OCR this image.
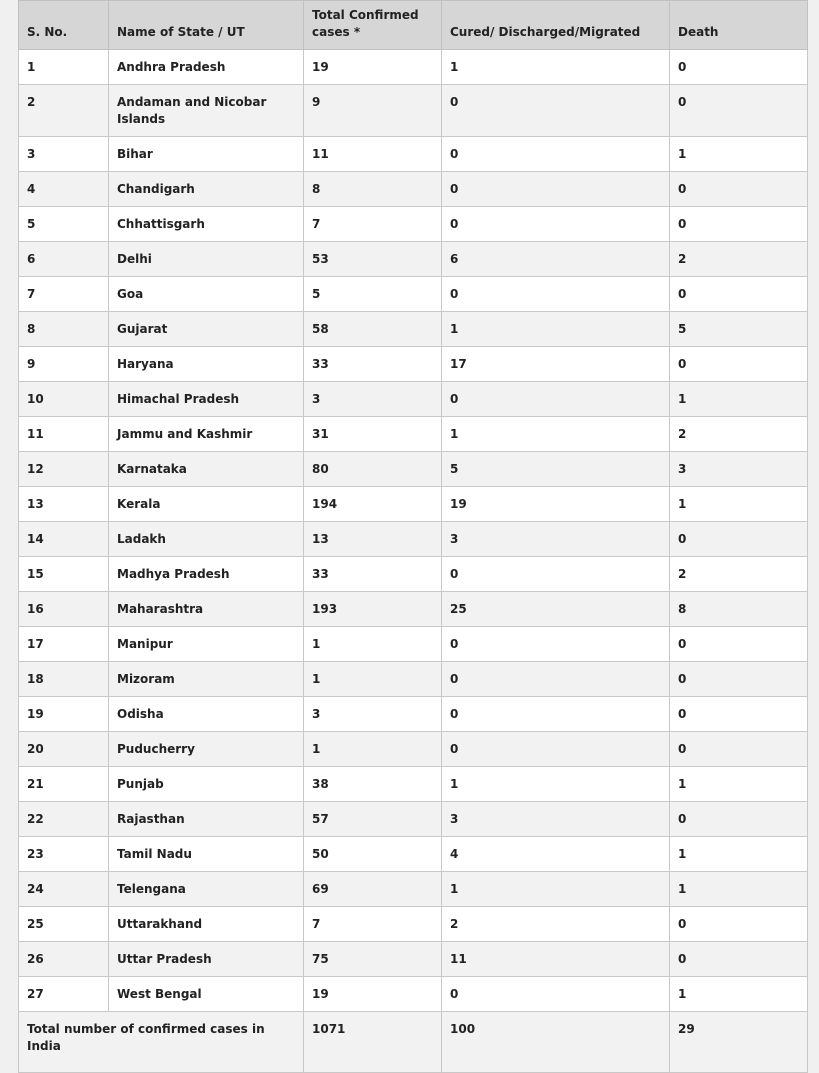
S. No.	Name of State / UT	Total Confirmed cases *	Cured/ Discharged/Migrated	Death
1	Andhra Pradesh	19	1	0
2	Andaman and Nicobar Islands	9	0	0
3	Bihar	11	0	1
4	Chandigarh	8	0	0
5	Chhattisgarh	7	0	0
6	Delhi	53	6	2
7	Goa	5	0	0
8	Gujarat	58	1	5
9	Haryana	33	17	0
10	Himachal Pradesh	3	0	1
11	Jammu and Kashmir	31	1	2
12	Karnataka	80	5	3
13	Kerala	194	19	1
14	Ladakh	13	3	0
15	Madhya Pradesh	33	0	2
16	Maharashtra	193	25	8
17	Manipur	1	0	0
18	Mizoram	1	0	0
19	Odisha	3	0	0
20	Puducherry	1	0	0
21	Punjab	38	1	1
22	Rajasthan	57	3	0
23	Tamil Nadu	50	4	1
24	Telengana	69	1	1
25	Uttarakhand	7	2	0
26	Uttar Pradesh	75	11	0
27	West Bengal	19	0	1
Total number of confirmed cases in India		1071	100	29
